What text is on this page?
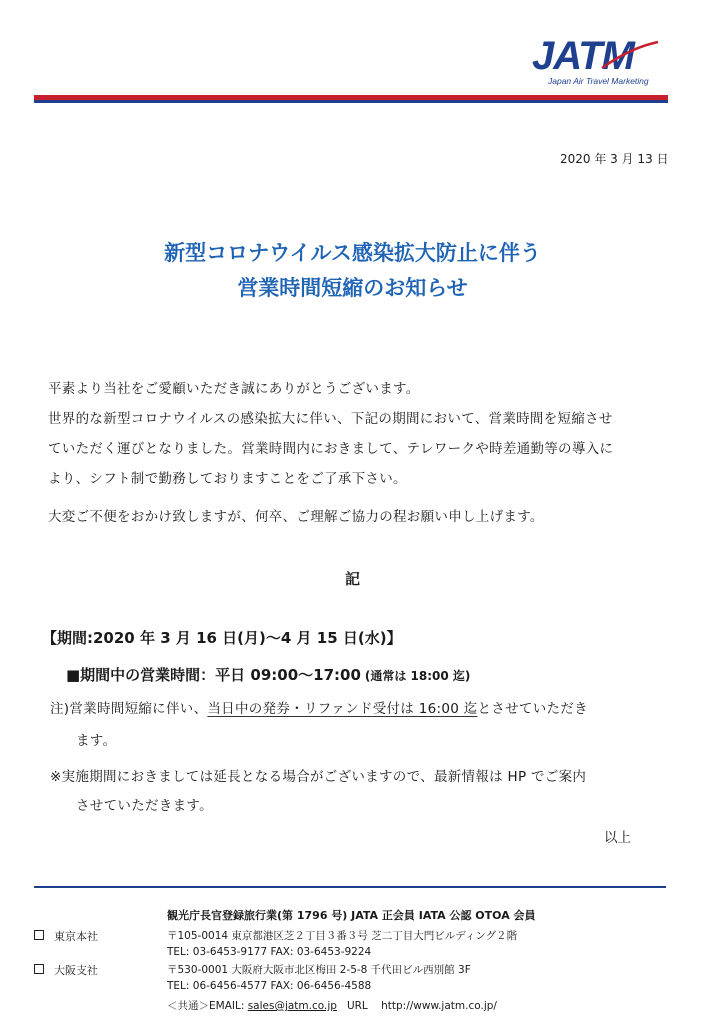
JATM
Japan Air Travel Marketing
2020 年 3 月 13 日
新型コロナウイルス感染拡大防止に伴う
営業時間短縮のお知らせ
平素より当社をご愛顧いただき誠にありがとうございます。
世界的な新型コロナウイルスの感染拡大に伴い、下記の期間において、営業時間を短縮させ
ていただく運びとなりました。営業時間内におきまして、テレワークや時差通勤等の導入に
より、シフト制で勤務しておりますことをご了承下さい。
大変ご不便をおかけ致しますが、何卒、ご理解ご協力の程お願い申し上げます。
記
【期間:2020 年 3 月 16 日(月)～4 月 15 日(水)】
■期間中の営業時間：平日 09:00～17:00 (通常は 18:00 迄)
注)営業時間短縮に伴い、当日中の発券・リファンド受付は 16:00 迄とさせていただき
ます。
※実施期間におきましては延長となる場合がございますので、最新情報は HP でご案内
させていただきます。
以上
観光庁長官登録旅行業(第 1796 号) JATA 正会員 IATA 公認 OTOA 会員
東京本社
大阪支社
〒105-0014 東京都港区芝２丁目３番３号 芝二丁目大門ビルディング２階
TEL: 03-6453-9177 FAX: 03-6453-9224
〒530-0001 大阪府大阪市北区梅田 2-5-8 千代田ビル西別館 3F
TEL: 06-6456-4577 FAX: 06-6456-4588
＜共通＞EMAIL: sales@jatm.co.jp   URL    http://www.jatm.co.jp/
